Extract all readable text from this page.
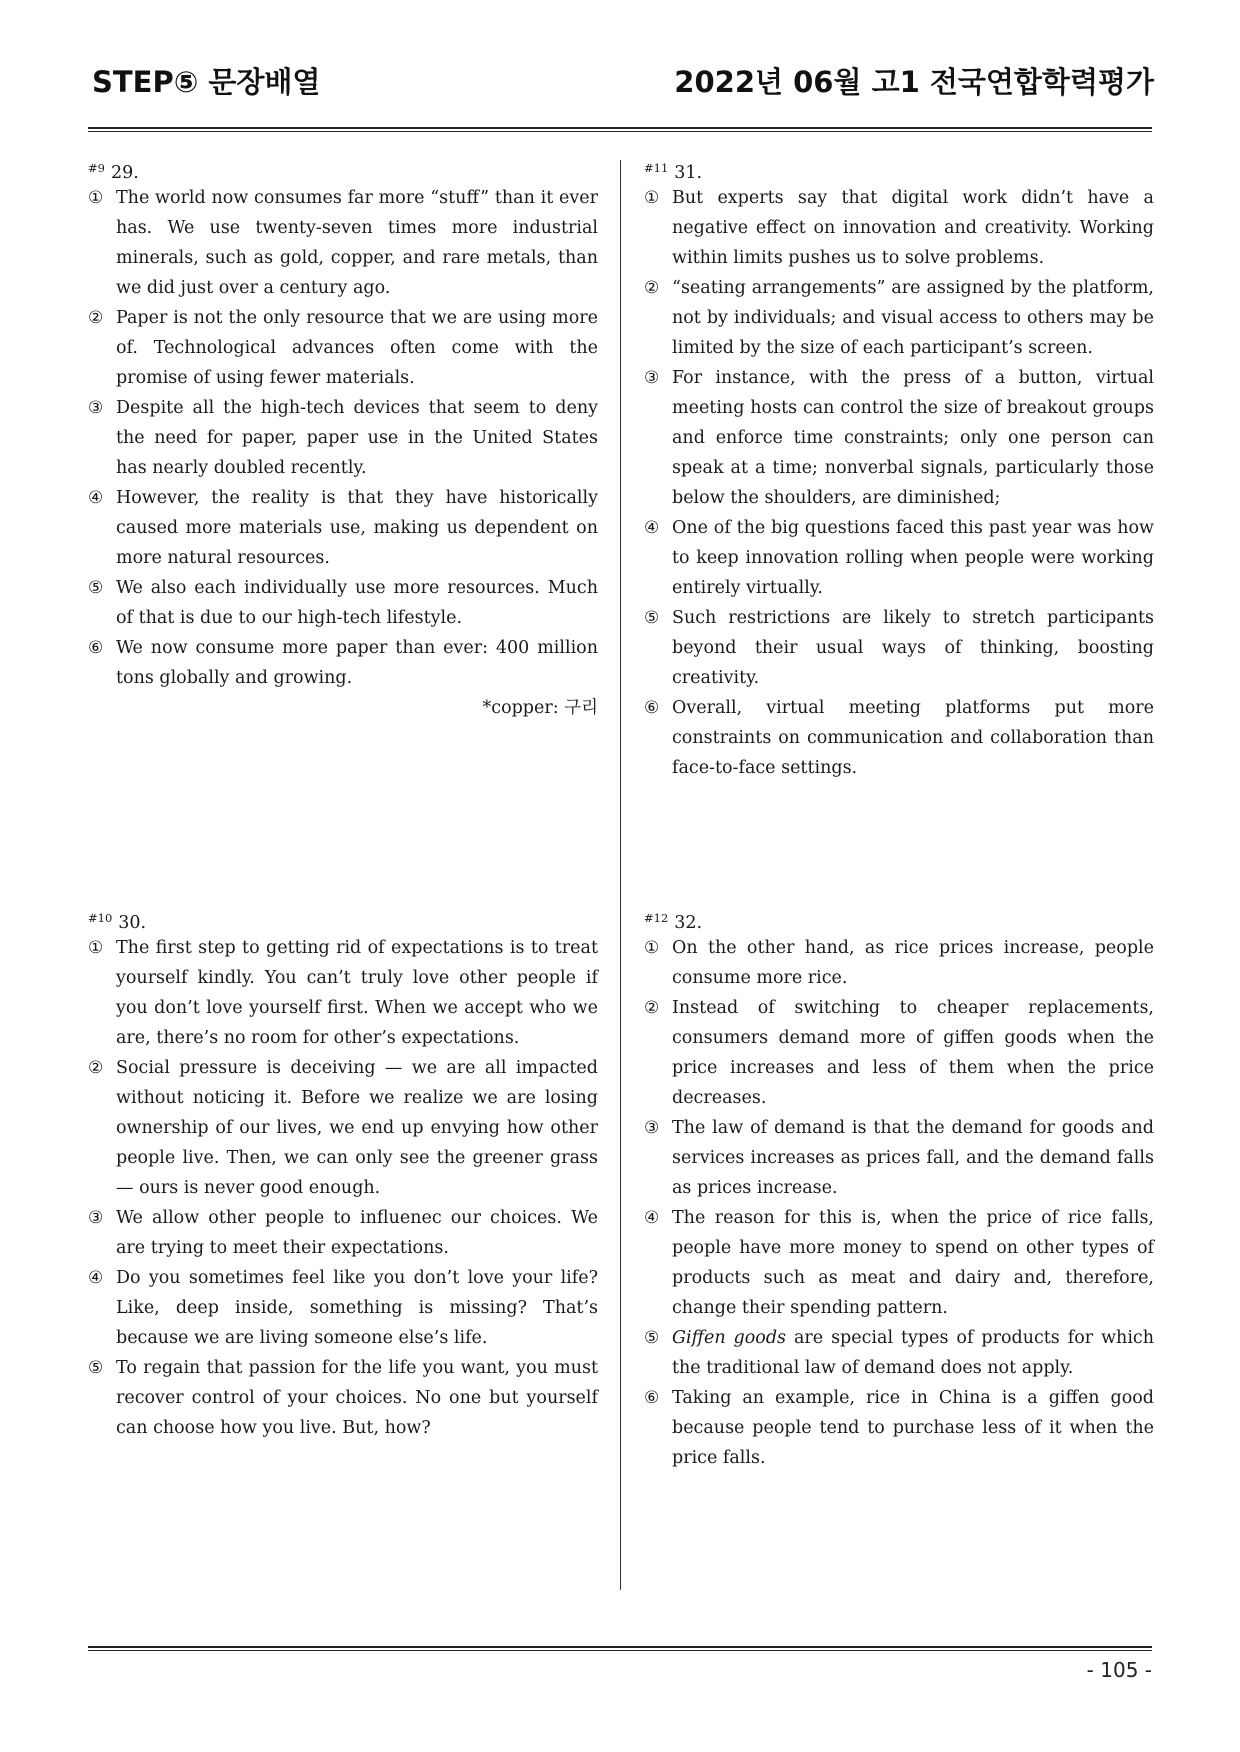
STEP⑤ 문장배열	2022년 06월 고1 전국연합학력평가
$^{\#9}$ 29.
① The world now consumes far more “stuff” than it ever has. We use twenty-seven times more industrial minerals, such as gold, copper, and rare metals, than we did just over a century ago.
② Paper is not the only resource that we are using more of. Technological advances often come with the promise of using fewer materials.
③ Despite all the high-tech devices that seem to deny the need for paper, paper use in the United States has nearly doubled recently.
④ However, the reality is that they have historically caused more materials use, making us dependent on more natural resources.
⑤ We also each individually use more resources. Much of that is due to our high-tech lifestyle.
⑥ We now consume more paper than ever: 400 million tons globally and growing.
*copper: 구리
$^{\#10}$ 30.
① The first step to getting rid of expectations is to treat yourself kindly. You can’t truly love other people if you don’t love yourself first. When we accept who we are, there’s no room for other’s expectations.
② Social pressure is deceiving — we are all impacted without noticing it. Before we realize we are losing ownership of our lives, we end up envying how other people live. Then, we can only see the greener grass — ours is never good enough.
③ We allow other people to influenec our choices. We are trying to meet their expectations.
④ Do you sometimes feel like you don’t love your life? Like, deep inside, something is missing? That’s because we are living someone else’s life.
⑤ To regain that passion for the life you want, you must recover control of your choices. No one but yourself can choose how you live. But, how?
$^{\#11}$ 31.
① But experts say that digital work didn’t have a negative effect on innovation and creativity. Working within limits pushes us to solve problems.
② “seating arrangements” are assigned by the platform, not by individuals; and visual access to others may be limited by the size of each participant’s screen.
③ For instance, with the press of a button, virtual meeting hosts can control the size of breakout groups and enforce time constraints; only one person can speak at a time; nonverbal signals, particularly those below the shoulders, are diminished;
④ One of the big questions faced this past year was how to keep innovation rolling when people were working entirely virtually.
⑤ Such restrictions are likely to stretch participants beyond their usual ways of thinking, boosting creativity.
⑥ Overall, virtual meeting platforms put more constraints on communication and collaboration than face-to-face settings.
$^{\#12}$ 32.
① On the other hand, as rice prices increase, people consume more rice.
② Instead of switching to cheaper replacements, consumers demand more of giffen goods when the price increases and less of them when the price decreases.
③ The law of demand is that the demand for goods and services increases as prices fall, and the demand falls as prices increase.
④ The reason for this is, when the price of rice falls, people have more money to spend on other types of products such as meat and dairy and, therefore, change their spending pattern.
⑤ Giffen goods are special types of products for which the traditional law of demand does not apply.
⑥ Taking an example, rice in China is a giffen good because people tend to purchase less of it when the price falls.
- 105 -
